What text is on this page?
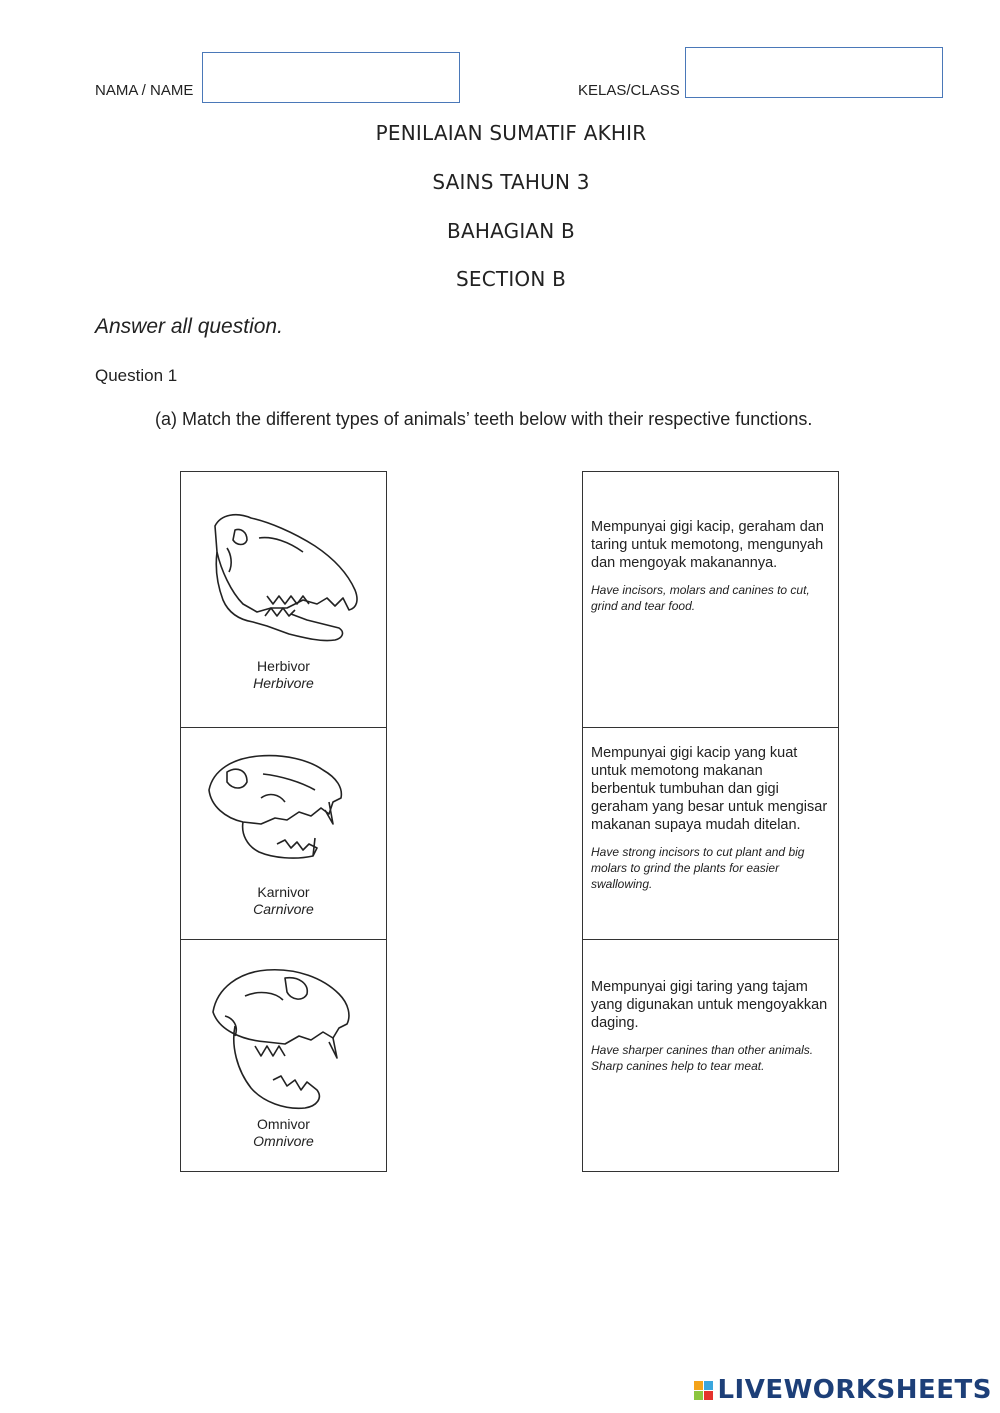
NAMA / NAME	KELAS/CLASS
PENILAIAN SUMATIF AKHIR
SAINS TAHUN 3
BAHAGIAN B
SECTION B
Answer all question.
Question 1
(a) Match the different types of animals’ teeth below with their respective functions.
Herbivor
Herbivore
Karnivor
Carnivore
Omnivor
Omnivore
Mempunyai gigi kacip, geraham dan taring untuk memotong, mengunyah dan mengoyak makanannya.
Have incisors, molars and canines to cut, grind and tear food.
Mempunyai gigi kacip yang kuat untuk memotong makanan berbentuk tumbuhan dan gigi geraham yang besar untuk mengisar makanan supaya mudah ditelan.
Have strong incisors to cut plant and big molars to grind the plants for easier swallowing.
Mempunyai gigi taring yang tajam yang digunakan untuk mengoyakkan daging.
Have sharper canines than other animals. Sharp canines help to tear meat.
LIVEWORKSHEETS
